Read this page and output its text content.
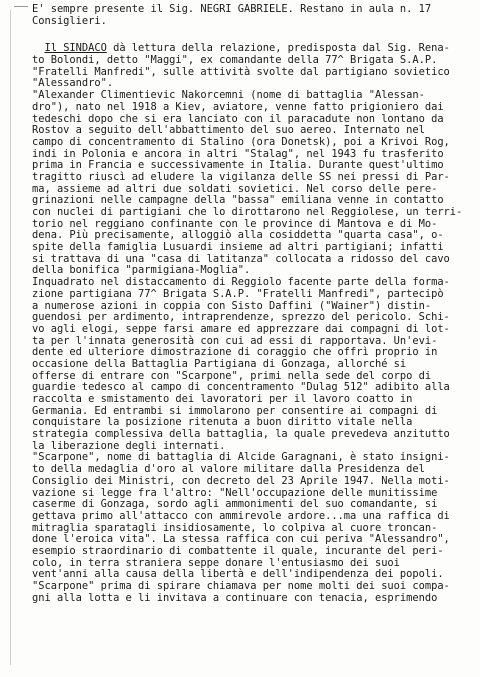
E' sempre presente il Sig. NEGRI GABRIELE. Restano in aula n. 17
Consiglieri.
Il SINDACO dà lettura della relazione, predisposta dal Sig. Rena-
to Bolondi, detto "Maggi", ex comandante della 77^ Brigata S.A.P.
"Fratelli Manfredi", sulle attività svolte dal partigiano sovietico
"Alessandro".
"Alexander Climentievic Nakorcemni (nome di battaglia "Alessan-
dro"), nato nel 1918 a Kiev, aviatore, venne fatto prigioniero dai
tedeschi dopo che si era lanciato con il paracadute non lontano da
Rostov a seguito dell'abbattimento del suo aereo. Internato nel
campo di concentramento di Stalino (ora Donetsk), poi a Krivoi Rog,
indi in Polonia e ancora in altri "Stalag", nel 1943 fu trasferito
prima in Francia e successivamente in Italia. Durante quest'ultimo
tragitto riuscì ad eludere la vigilanza delle SS nei pressi di Par-
ma, assieme ad altri due soldati sovietici. Nel corso delle pere-
grinazioni nelle campagne della "bassa" emiliana venne in contatto
con nuclei di partigiani che lo dirottarono nel Reggiolese, un terri-
torio nel reggiano confinante con le province di Mantova e di Mo-
dena. Più precisamente, alloggiò alla cosiddetta "quarta casa", o-
spite della famiglia Lusuardi insieme ad altri partigiani; infatti
si trattava di una "casa di latitanza" collocata a ridosso del cavo
della bonifica "parmigiana-Moglia".
Inquadrato nel distaccamento di Reggiolo facente parte della forma-
zione partigiana 77^ Brigata S.A.P. "Fratelli Manfredi", partecipò
a numerose azioni in coppia con Sisto Daffini ("Wainer") distin-
guendosi per ardimento, intraprendenze, sprezzo del pericolo. Schi-
vo agli elogi, seppe farsi amare ed apprezzare dai compagni di lot-
ta per l'innata generosità con cui ad essi di rapportava. Un'evi-
dente ed ulteriore dimostrazione di coraggio che offrì proprio in
occasione della Battaglia Partigiana di Gonzaga, allorché si
offerse di entrare con "Scarpone", primi nella sede del corpo di
guardie tedesco al campo di concentramento "Dulag 512" adibito alla
raccolta e smistamento dei lavoratori per il lavoro coatto in
Germania. Ed entrambi si immolarono per consentire ai compagni di
conquistare la posizione ritenuta a buon diritto vitale nella
strategia complessiva della battaglia, la quale prevedeva anzitutto
la liberazione degli internati.
"Scarpone", nome di battaglia di Alcide Garagnani, è stato insigni-
to della medaglia d'oro al valore militare dalla Presidenza del
Consiglio dei Ministri, con decreto del 23 Aprile 1947. Nella moti-
vazione si legge fra l'altro: "Nell'occupazione delle munitissime
caserme di Gonzaga, sordo agli ammonimenti del suo comandante, si
gettava primo all'attacco con ammirevole ardore...ma una raffica di
mitraglia sparatagli insidiosamente, lo colpiva al cuore troncan-
done l'eroica vita". La stessa raffica con cui periva "Alessandro",
esempio straordinario di combattente il quale, incurante del peri-
colo, in terra straniera seppe donare l'entusiasmo dei suoi
vent'anni alla causa della libertà e dell'indipendenza dei popoli.
"Scarpone" prima di spirare chiamava per nome molti dei suoi compa-
gni alla lotta e li invitava a continuare con tenacia, esprimendo
